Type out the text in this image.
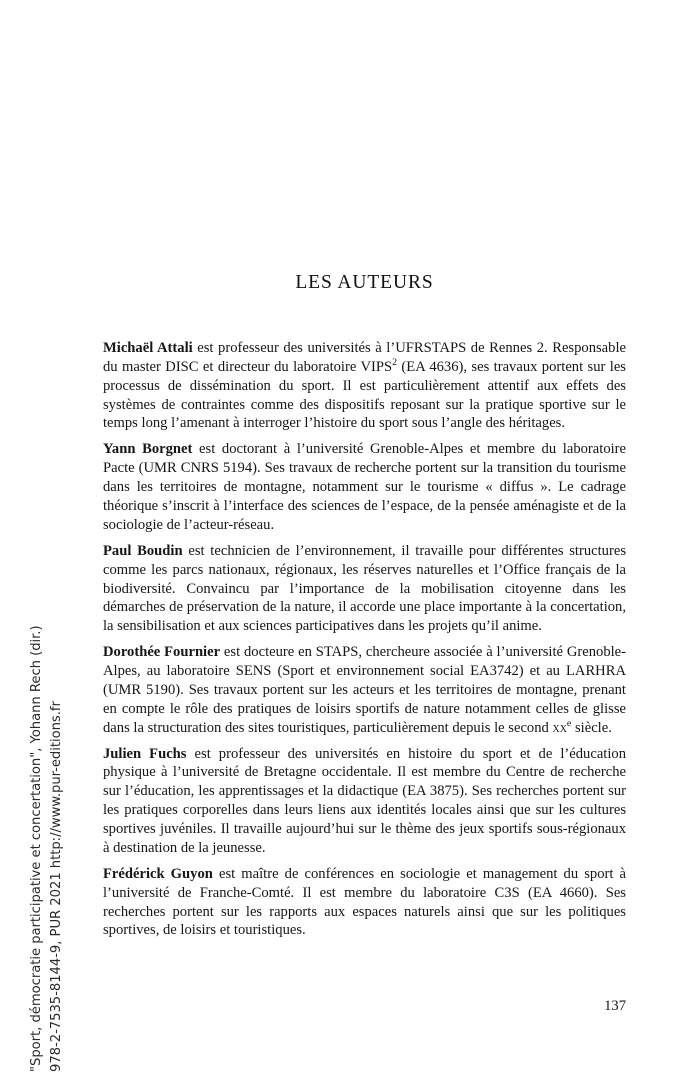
"Sport, démocratie participative et concertation", Yohann Rech (dir.) 978-2-7535-8144-9, PUR 2021 http://www.pur-editions.fr
LES AUTEURS

Michaël Attali est professeur des universités à l’UFRSTAPS de Rennes 2. Responsable du master DISC et directeur du laboratoire VIPS$^2$ (EA 4636), ses travaux portent sur les processus de dissémination du sport. Il est particulièrement attentif aux effets des systèmes de contraintes comme des dispositifs reposant sur la pratique sportive sur le temps long l’amenant à interroger l’histoire du sport sous l’angle des héritages.

Yann Borgnet est doctorant à l’université Grenoble-Alpes et membre du laboratoire Pacte (UMR CNRS 5194). Ses travaux de recherche portent sur la transition du tourisme dans les territoires de montagne, notamment sur le tourisme « diffus ». Le cadrage théorique s’inscrit à l’interface des sciences de l’espace, de la pensée aménagiste et de la sociologie de l’acteur-réseau.

Paul Boudin est technicien de l’environnement, il travaille pour différentes structures comme les parcs nationaux, régionaux, les réserves naturelles et l’Office français de la biodiversité. Convaincu par l’importance de la mobilisation citoyenne dans les démarches de préservation de la nature, il accorde une place importante à la concertation, la sensibilisation et aux sciences participatives dans les projets qu’il anime.

Dorothée Fournier est docteure en STAPS, chercheure associée à l’université Grenoble-Alpes, au laboratoire SENS (Sport et environnement social EA3742) et au LARHRA (UMR 5190). Ses travaux portent sur les acteurs et les territoires de montagne, prenant en compte le rôle des pratiques de loisirs sportifs de nature notamment celles de glisse dans la structuration des sites touristiques, particulièrement depuis le second $xx^e$ siècle.

Julien Fuchs est professeur des universités en histoire du sport et de l’éducation physique à l’université de Bretagne occidentale. Il est membre du Centre de recherche sur l’éducation, les apprentissages et la didactique (EA 3875). Ses recherches portent sur les pratiques corporelles dans leurs liens aux identités locales ainsi que sur les cultures sportives juvéniles. Il travaille aujourd’hui sur le thème des jeux sportifs sous-régionaux à destination de la jeunesse.

Frédérick Guyon est maître de conférences en sociologie et management du sport à l’université de Franche-Comté. Il est membre du laboratoire C3S (EA 4660). Ses recherches portent sur les rapports aux espaces naturels ainsi que sur les politiques sportives, de loisirs et touristiques.

137
